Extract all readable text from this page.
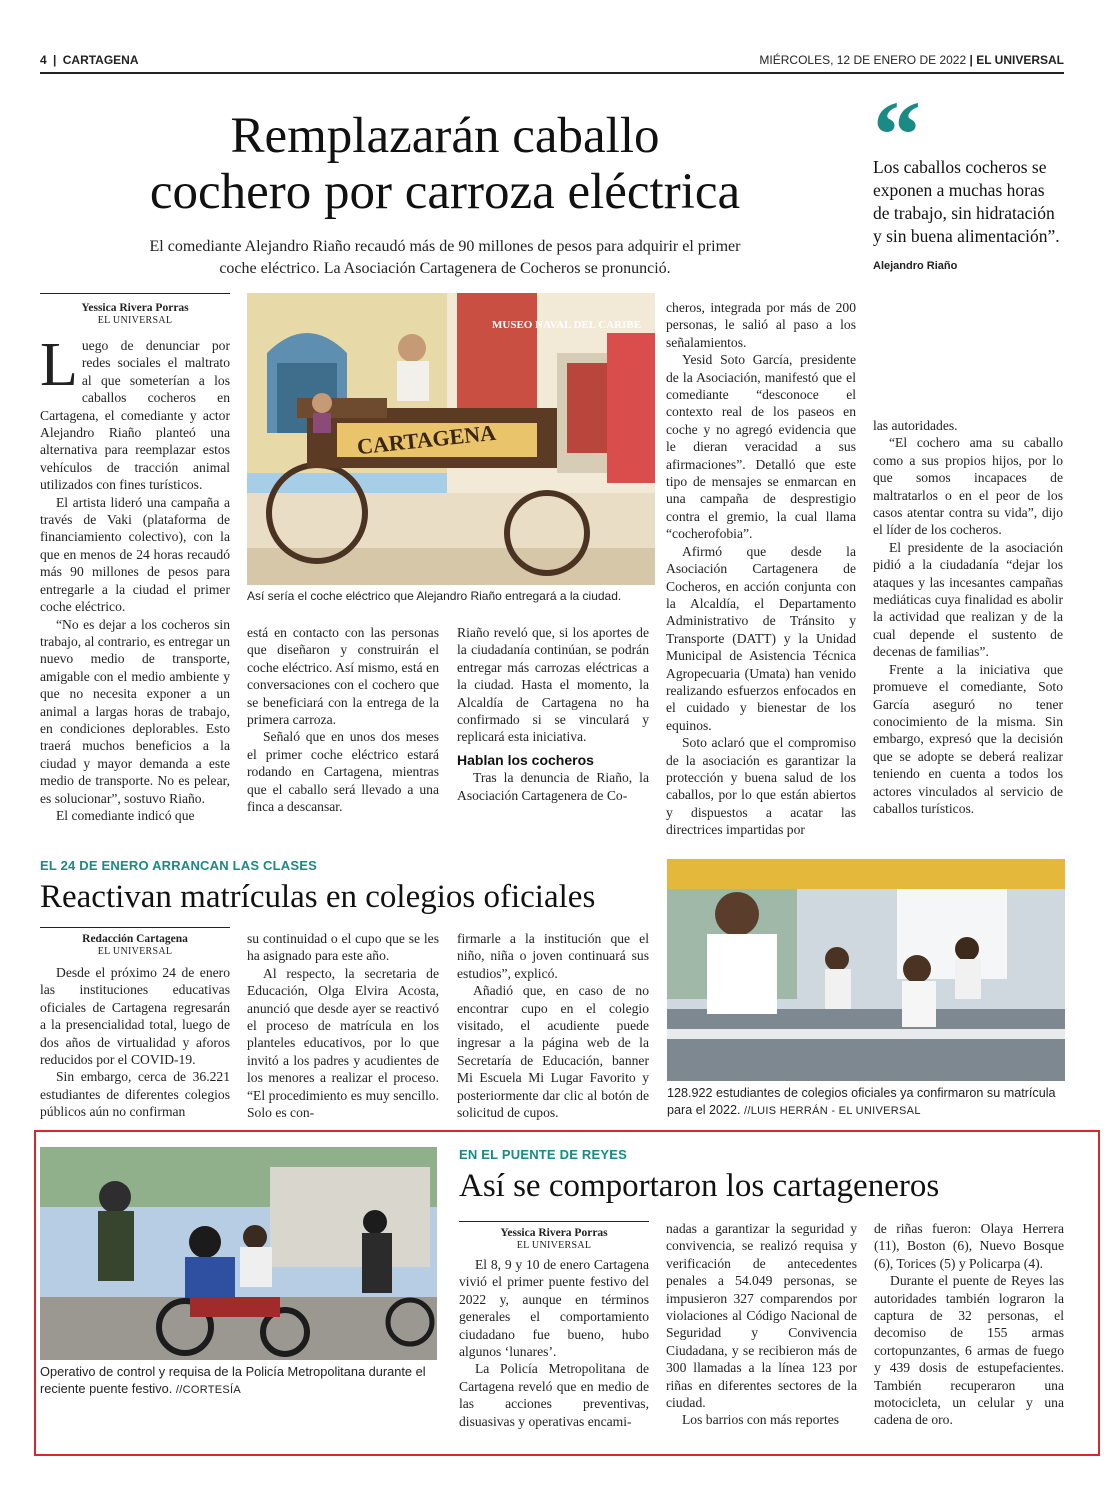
4 | CARTAGENA	MIÉRCOLES, 12 DE ENERO DE 2022 | EL UNIVERSAL
Remplazarán caballo
cochero por carroza eléctrica
El comediante Alejandro Riaño recaudó más de 90 millones de pesos para adquirir el primer
coche eléctrico. La Asociación Cartagenera de Cocheros se pronunció.
Yessica Rivera Porras
EL UNIVERSAL	MUSEO NAVAL DEL CARIBE
CARTAGENA
Así sería el coche eléctrico que Alejandro Riaño entregará a la ciudad.

Luego de denunciar por redes sociales el maltrato al que someterían a los caballos cocheros en Cartagena, el comediante y actor Alejandro Riaño planteó una alternativa para reemplazar estos vehículos de tracción animal utilizados con fines turísticos.

El artista lideró una campaña a través de Vaki (plataforma de financiamiento colectivo), con la que en menos de 24 horas recaudó más 90 millones de pesos para entregarle a la ciudad el primer coche eléctrico.

“No es dejar a los cocheros sin trabajo, al contrario, es entregar un nuevo medio de transporte, amigable con el medio ambiente y que no necesita exponer a un animal a largas horas de trabajo, en condiciones deplorables. Esto traerá muchos beneficios a la ciudad y mayor demanda a este medio de transporte. No es pelear, es solucionar”, sostuvo Riaño.

El comediante indicó que

está en contacto con las personas que diseñaron y construirán el coche eléctrico. Así mismo, está en conversaciones con el cochero que se beneficiará con la entrega de la primera carroza.

Señaló que en unos dos meses el primer coche eléctrico estará rodando en Cartagena, mientras que el caballo será llevado a una finca a descansar.

Riaño reveló que, si los aportes de la ciudadanía continúan, se podrán entregar más carrozas eléctricas a la ciudad. Hasta el momento, la Alcaldía de Cartagena no ha confirmado si se vinculará y replicará esta iniciativa.

Hablan los cocheros

Tras la denuncia de Riaño, la Asociación Cartagenera de Co-

cheros, integrada por más de 200 personas, le salió al paso a los señalamientos.

Yesid Soto García, presidente de la Asociación, manifestó que el comediante “desconoce el contexto real de los paseos en coche y no agregó evidencia que le dieran veracidad a sus afirmaciones”. Detalló que este tipo de mensajes se enmarcan en una campaña de desprestigio contra el gremio, la cual llama “cocherofobia”.

Afirmó que desde la Asociación Cartagenera de Cocheros, en acción conjunta con la Alcaldía, el Departamento Administrativo de Tránsito y Transporte (DATT) y la Unidad Municipal de Asistencia Técnica Agropecuaria (Umata) han venido realizando esfuerzos enfocados en el cuidado y bienestar de los equinos.

Soto aclaró que el compromiso de la asociación es garantizar la protección y buena salud de los caballos, por lo que están abiertos y dispuestos a acatar las directrices impartidas por

las autoridades.

“El cochero ama su caballo como a sus propios hijos, por lo que somos incapaces de maltratarlos o en el peor de los casos atentar contra su vida”, dijo el líder de los cocheros.

El presidente de la asociación pidió a la ciudadanía “dejar los ataques y las incesantes campañas mediáticas cuya finalidad es abolir la actividad que realizan y de la cual depende el sustento de decenas de familias”.

Frente a la iniciativa que promueve el comediante, Soto García aseguró no tener conocimiento de la misma. Sin embargo, expresó que la decisión que se adopte se deberá realizar teniendo en cuenta a todos los actores vinculados al servicio de caballos turísticos.

“
Los caballos cocheros se exponen a muchas horas de trabajo, sin hidratación y sin buena alimentación”.
Alejandro Riaño
EL 24 DE ENERO ARRANCAN LAS CLASES
Reactivan matrículas en colegios oficiales
Redacción Cartagena
EL UNIVERSAL

Desde el próximo 24 de enero las instituciones educativas oficiales de Cartagena regresarán a la presencialidad total, luego de dos años de virtualidad y aforos reducidos por el COVID-19.

Sin embargo, cerca de 36.221 estudiantes de diferentes colegios públicos aún no confirman

su continuidad o el cupo que se les ha asignado para este año.

Al respecto, la secretaria de Educación, Olga Elvira Acosta, anunció que desde ayer se reactivó el proceso de matrícula en los planteles educativos, por lo que invitó a los padres y acudientes de los menores a realizar el proceso. “El procedimiento es muy sencillo. Solo es con-

firmarle a la institución que el niño, niña o joven continuará sus estudios”, explicó.

Añadió que, en caso de no encontrar cupo en el colegio visitado, el acudiente puede ingresar a la página web de la Secretaría de Educación, banner Mi Escuela Mi Lugar Favorito y posteriormente dar clic al botón de solicitud de cupos.

128.922 estudiantes de colegios oficiales ya confirmaron su matrícula para el 2022. //LUIS HERRÁN - EL UNIVERSAL
Operativo de control y requisa de la Policía Metropolitana durante el reciente puente festivo. //CORTESÍA
EN EL PUENTE DE REYES
Así se comportaron los cartageneros
Yessica Rivera Porras
EL UNIVERSAL

El 8, 9 y 10 de enero Cartagena vivió el primer puente festivo del 2022 y, aunque en términos generales el comportamiento ciudadano fue bueno, hubo algunos ‘lunares’.

La Policía Metropolitana de Cartagena reveló que en medio de las acciones preventivas, disuasivas y operativas encami-

nadas a garantizar la seguridad y convivencia, se realizó requisa y verificación de antecedentes penales a 54.049 personas, se impusieron 327 comparendos por violaciones al Código Nacional de Seguridad y Convivencia Ciudadana, y se recibieron más de 300 llamadas a la línea 123 por riñas en diferentes sectores de la ciudad.

Los barrios con más reportes

de riñas fueron: Olaya Herrera (11), Boston (6), Nuevo Bosque (6), Torices (5) y Policarpa (4).

Durante el puente de Reyes las autoridades también lograron la captura de 32 personas, el decomiso de 155 armas cortopunzantes, 6 armas de fuego y 439 dosis de estupefacientes. También recuperaron una motocicleta, un celular y una cadena de oro.
